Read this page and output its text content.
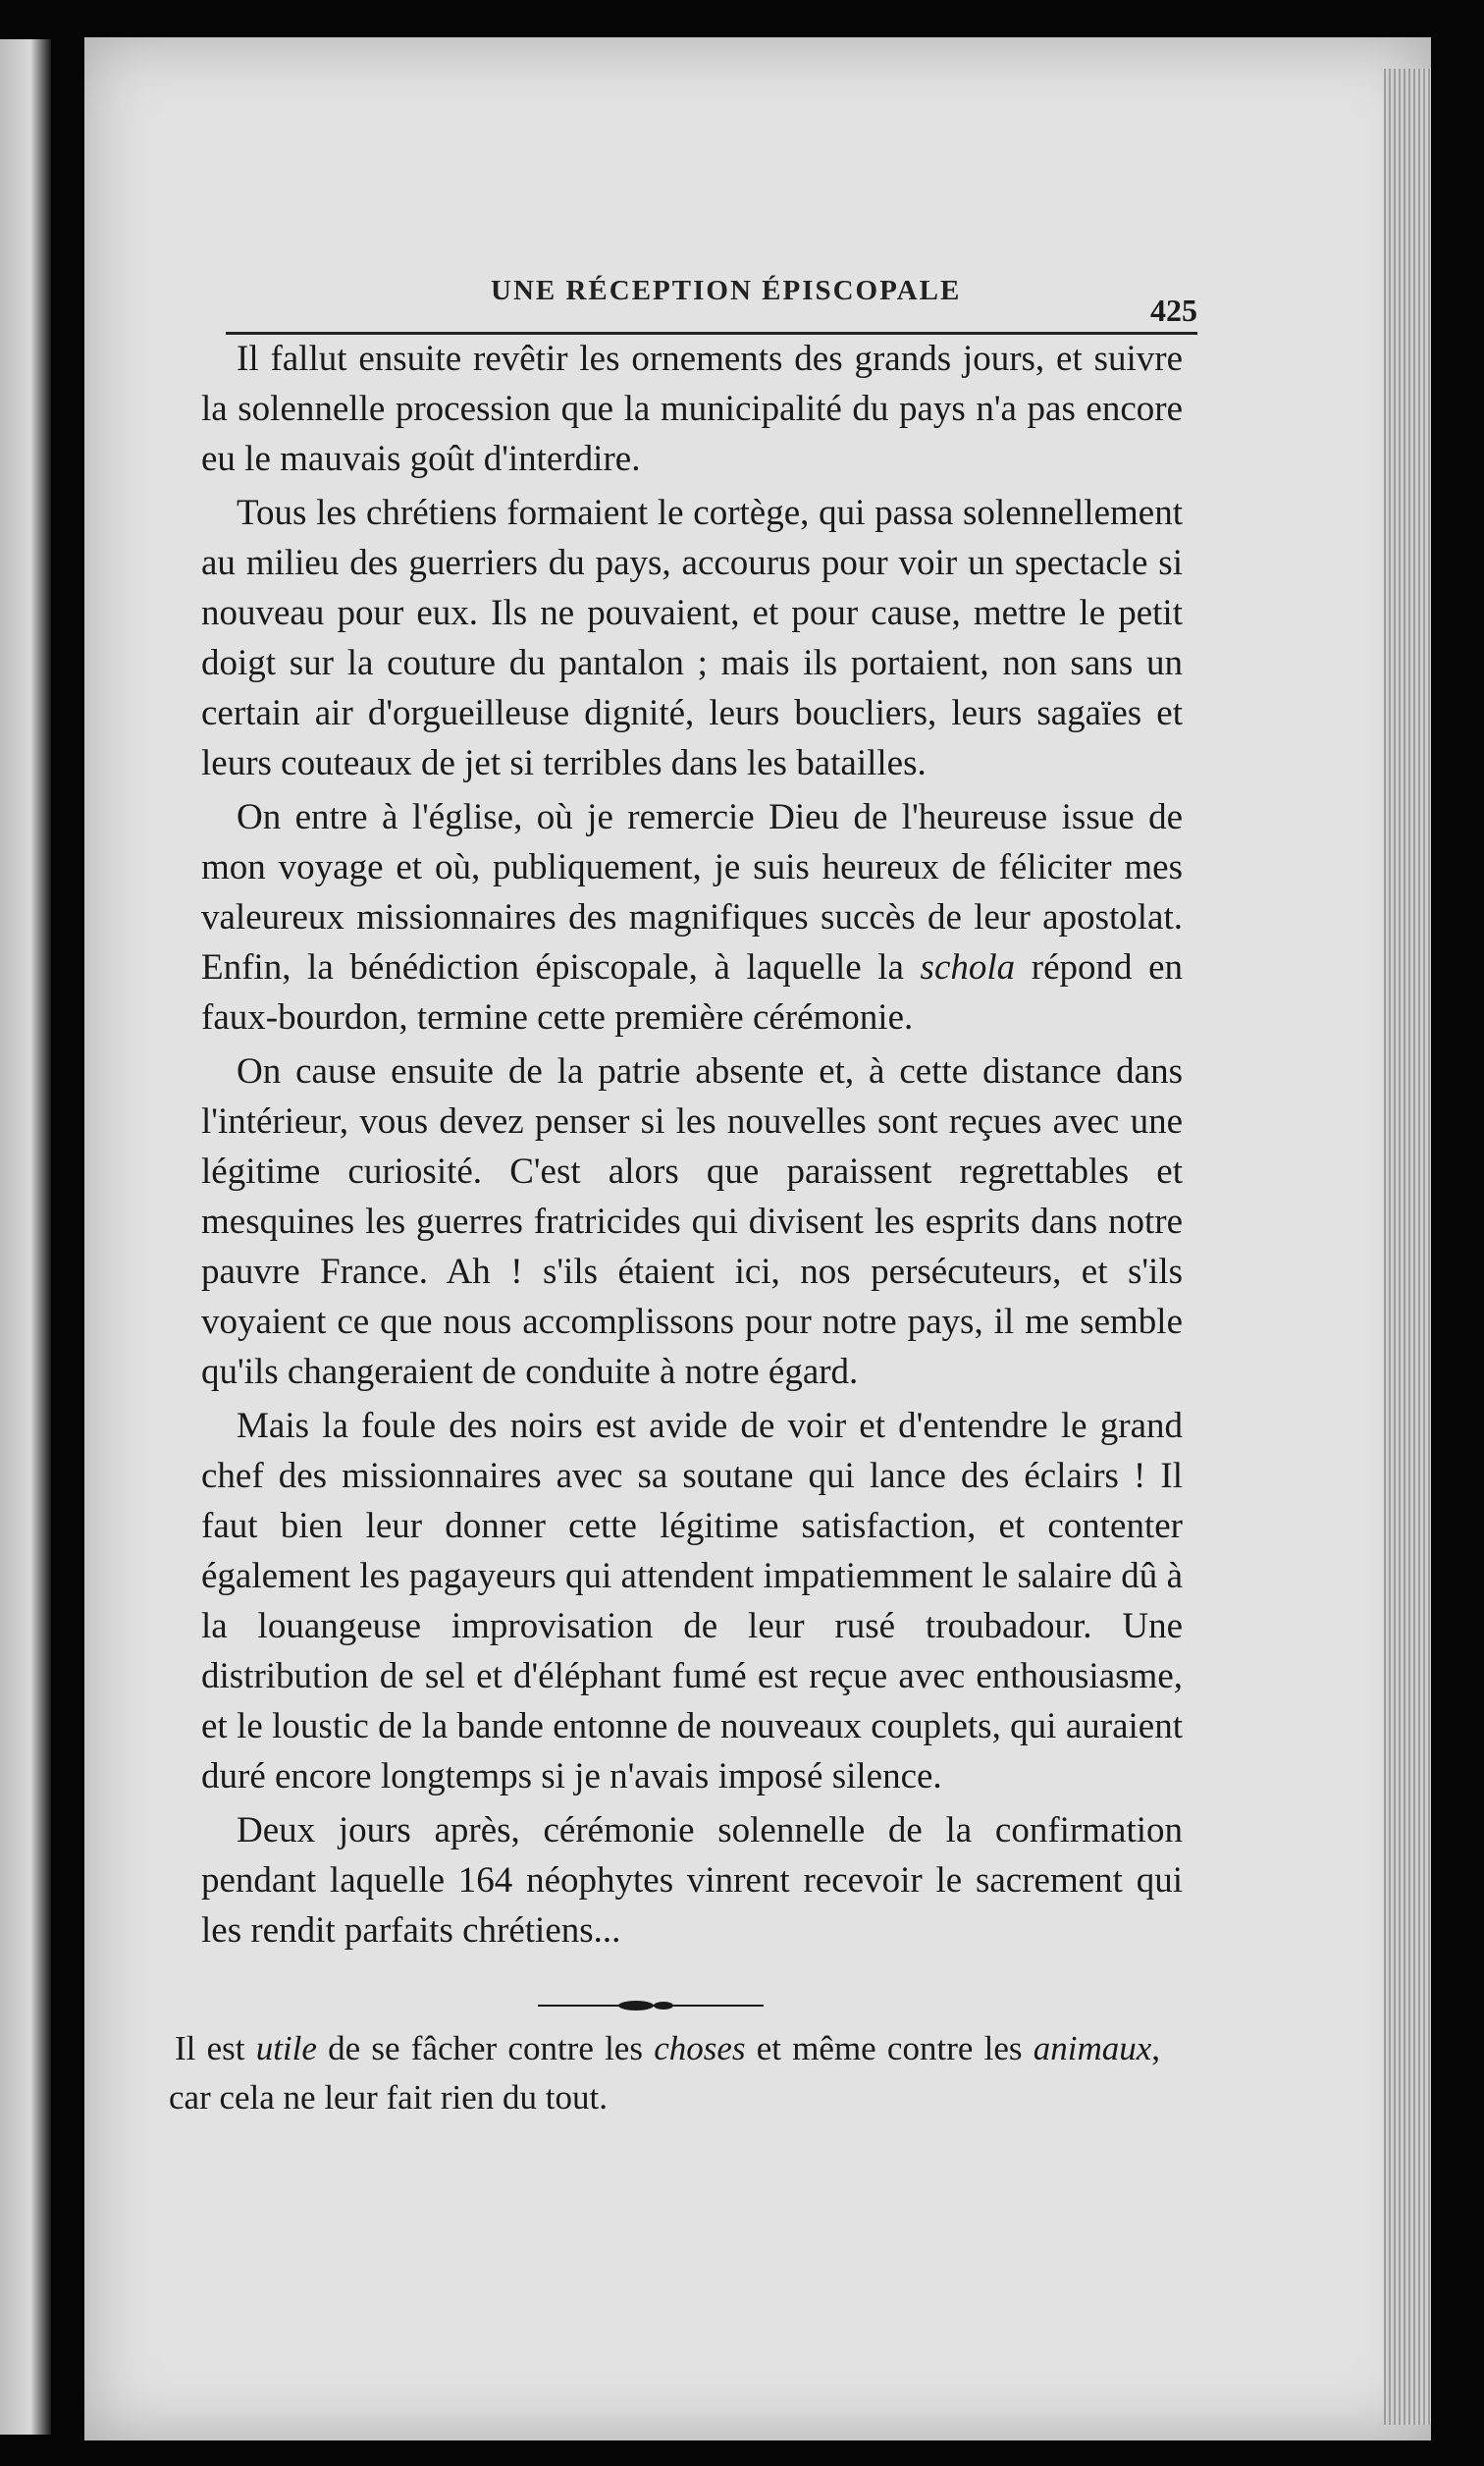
UNE RÉCEPTION ÉPISCOPALE
425

Il fallut ensuite revêtir les ornements des grands jours, et suivre la solennelle procession que la municipalité du pays n'a pas encore eu le mauvais goût d'interdire.

Tous les chrétiens formaient le cortège, qui passa solennellement au milieu des guerriers du pays, accourus pour voir un spectacle si nouveau pour eux. Ils ne pouvaient, et pour cause, mettre le petit doigt sur la couture du pantalon ; mais ils portaient, non sans un certain air d'orgueilleuse dignité, leurs boucliers, leurs sagaïes et leurs couteaux de jet si terribles dans les batailles.

On entre à l'église, où je remercie Dieu de l'heureuse issue de mon voyage et où, publiquement, je suis heureux de féliciter mes valeureux missionnaires des magnifiques succès de leur apostolat. Enfin, la bénédiction épiscopale, à laquelle la schola répond en faux-bourdon, termine cette première cérémonie.

On cause ensuite de la patrie absente et, à cette distance dans l'intérieur, vous devez penser si les nouvelles sont reçues avec une légitime curiosité. C'est alors que paraissent regrettables et mesquines les guerres fratricides qui divisent les esprits dans notre pauvre France. Ah ! s'ils étaient ici, nos persécuteurs, et s'ils voyaient ce que nous accomplissons pour notre pays, il me semble qu'ils changeraient de conduite à notre égard.

Mais la foule des noirs est avide de voir et d'entendre le grand chef des missionnaires avec sa soutane qui lance des éclairs ! Il faut bien leur donner cette légitime satisfaction, et contenter également les pagayeurs qui attendent impatiemment le salaire dû à la louangeuse improvisation de leur rusé troubadour. Une distribution de sel et d'éléphant fumé est reçue avec enthousiasme, et le loustic de la bande entonne de nouveaux couplets, qui auraient duré encore longtemps si je n'avais imposé silence.

Deux jours après, cérémonie solennelle de la confirmation pendant laquelle 164 néophytes vinrent recevoir le sacrement qui les rendit parfaits chrétiens...

Il est utile de se fâcher contre les choses et même contre les animaux, car cela ne leur fait rien du tout.
